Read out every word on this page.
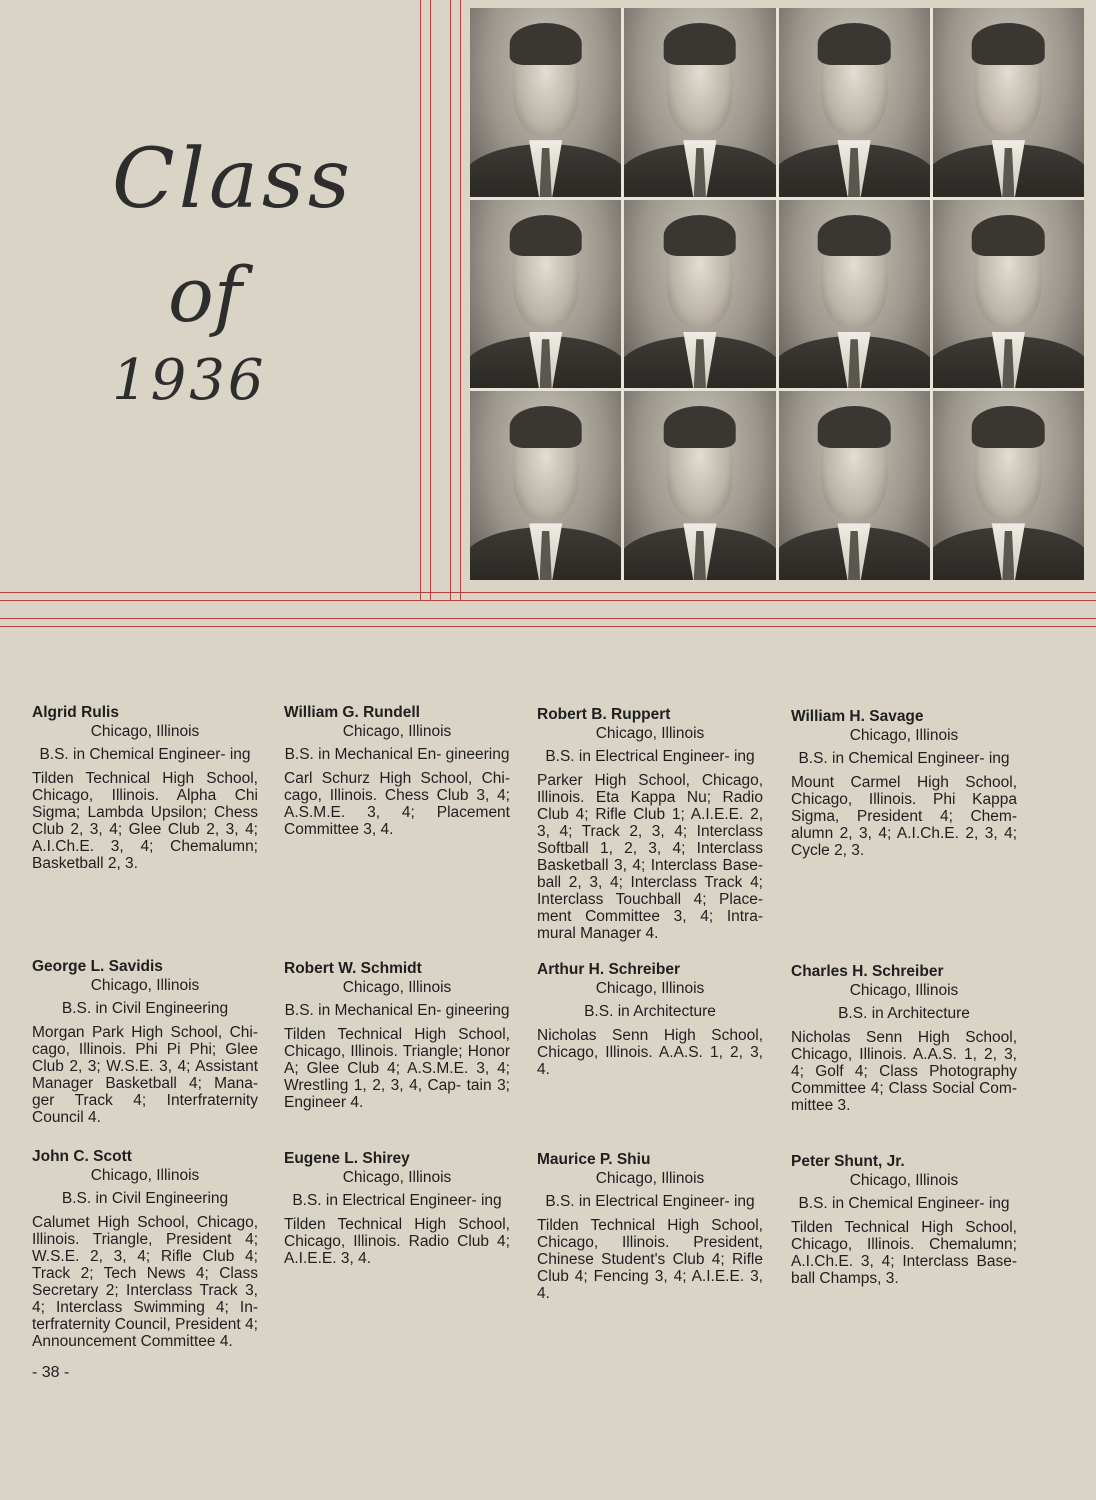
Class
of
1936
Algrid Rulis
Chicago, Illinois
B.S. in Chemical Engineer- ing
Tilden Technical High School, Chicago, Illinois. Alpha Chi Sigma; Lambda Upsilon; Chess Club 2, 3, 4; Glee Club 2, 3, 4; A.I.Ch.E. 3, 4; Chemalumn; Basketball 2, 3.
William G. Rundell
Chicago, Illinois
B.S. in Mechanical En- gineering
Carl Schurz High School, Chi- cago, Illinois. Chess Club 3, 4; A.S.M.E. 3, 4; Placement Committee 3, 4.
Robert B. Ruppert
Chicago, Illinois
B.S. in Electrical Engineer- ing
Parker High School, Chicago, Illinois. Eta Kappa Nu; Radio Club 4; Rifle Club 1; A.I.E.E. 2, 3, 4; Track 2, 3, 4; Interclass Softball 1, 2, 3, 4; Interclass Basketball 3, 4; Interclass Base- ball 2, 3, 4; Interclass Track 4; Interclass Touchball 4; Place- ment Committee 3, 4; Intra- mural Manager 4.
William H. Savage
Chicago, Illinois
B.S. in Chemical Engineer- ing
Mount Carmel High School, Chicago, Illinois. Phi Kappa Sigma, President 4; Chem- alumn 2, 3, 4; A.I.Ch.E. 2, 3, 4; Cycle 2, 3.
George L. Savidis
Chicago, Illinois
B.S. in Civil Engineering
Morgan Park High School, Chi- cago, Illinois. Phi Pi Phi; Glee Club 2, 3; W.S.E. 3, 4; Assistant Manager Basketball 4; Mana- ger Track 4; Interfraternity Council 4.
Robert W. Schmidt
Chicago, Illinois
B.S. in Mechanical En- gineering
Tilden Technical High School, Chicago, Illinois. Triangle; Honor A; Glee Club 4; A.S.M.E. 3, 4; Wrestling 1, 2, 3, 4, Cap- tain 3; Engineer 4.
Arthur H. Schreiber
Chicago, Illinois
B.S. in Architecture
Nicholas Senn High School, Chicago, Illinois. A.A.S. 1, 2, 3, 4.
Charles H. Schreiber
Chicago, Illinois
B.S. in Architecture
Nicholas Senn High School, Chicago, Illinois. A.A.S. 1, 2, 3, 4; Golf 4; Class Photography Committee 4; Class Social Com- mittee 3.
John C. Scott
Chicago, Illinois
B.S. in Civil Engineering
Calumet High School, Chicago, Illinois. Triangle, President 4; W.S.E. 2, 3, 4; Rifle Club 4; Track 2; Tech News 4; Class Secretary 2; Interclass Track 3, 4; Interclass Swimming 4; In- terfraternity Council, President 4; Announcement Committee 4.
Eugene L. Shirey
Chicago, Illinois
B.S. in Electrical Engineer- ing
Tilden Technical High School, Chicago, Illinois. Radio Club 4; A.I.E.E. 3, 4.
Maurice P. Shiu
Chicago, Illinois
B.S. in Electrical Engineer- ing
Tilden Technical High School, Chicago, Illinois. President, Chinese Student's Club 4; Rifle Club 4; Fencing 3, 4; A.I.E.E. 3, 4.
Peter Shunt, Jr.
Chicago, Illinois
B.S. in Chemical Engineer- ing
Tilden Technical High School, Chicago, Illinois. Chemalumn; A.I.Ch.E. 3, 4; Interclass Base- ball Champs, 3.
- 38 -
